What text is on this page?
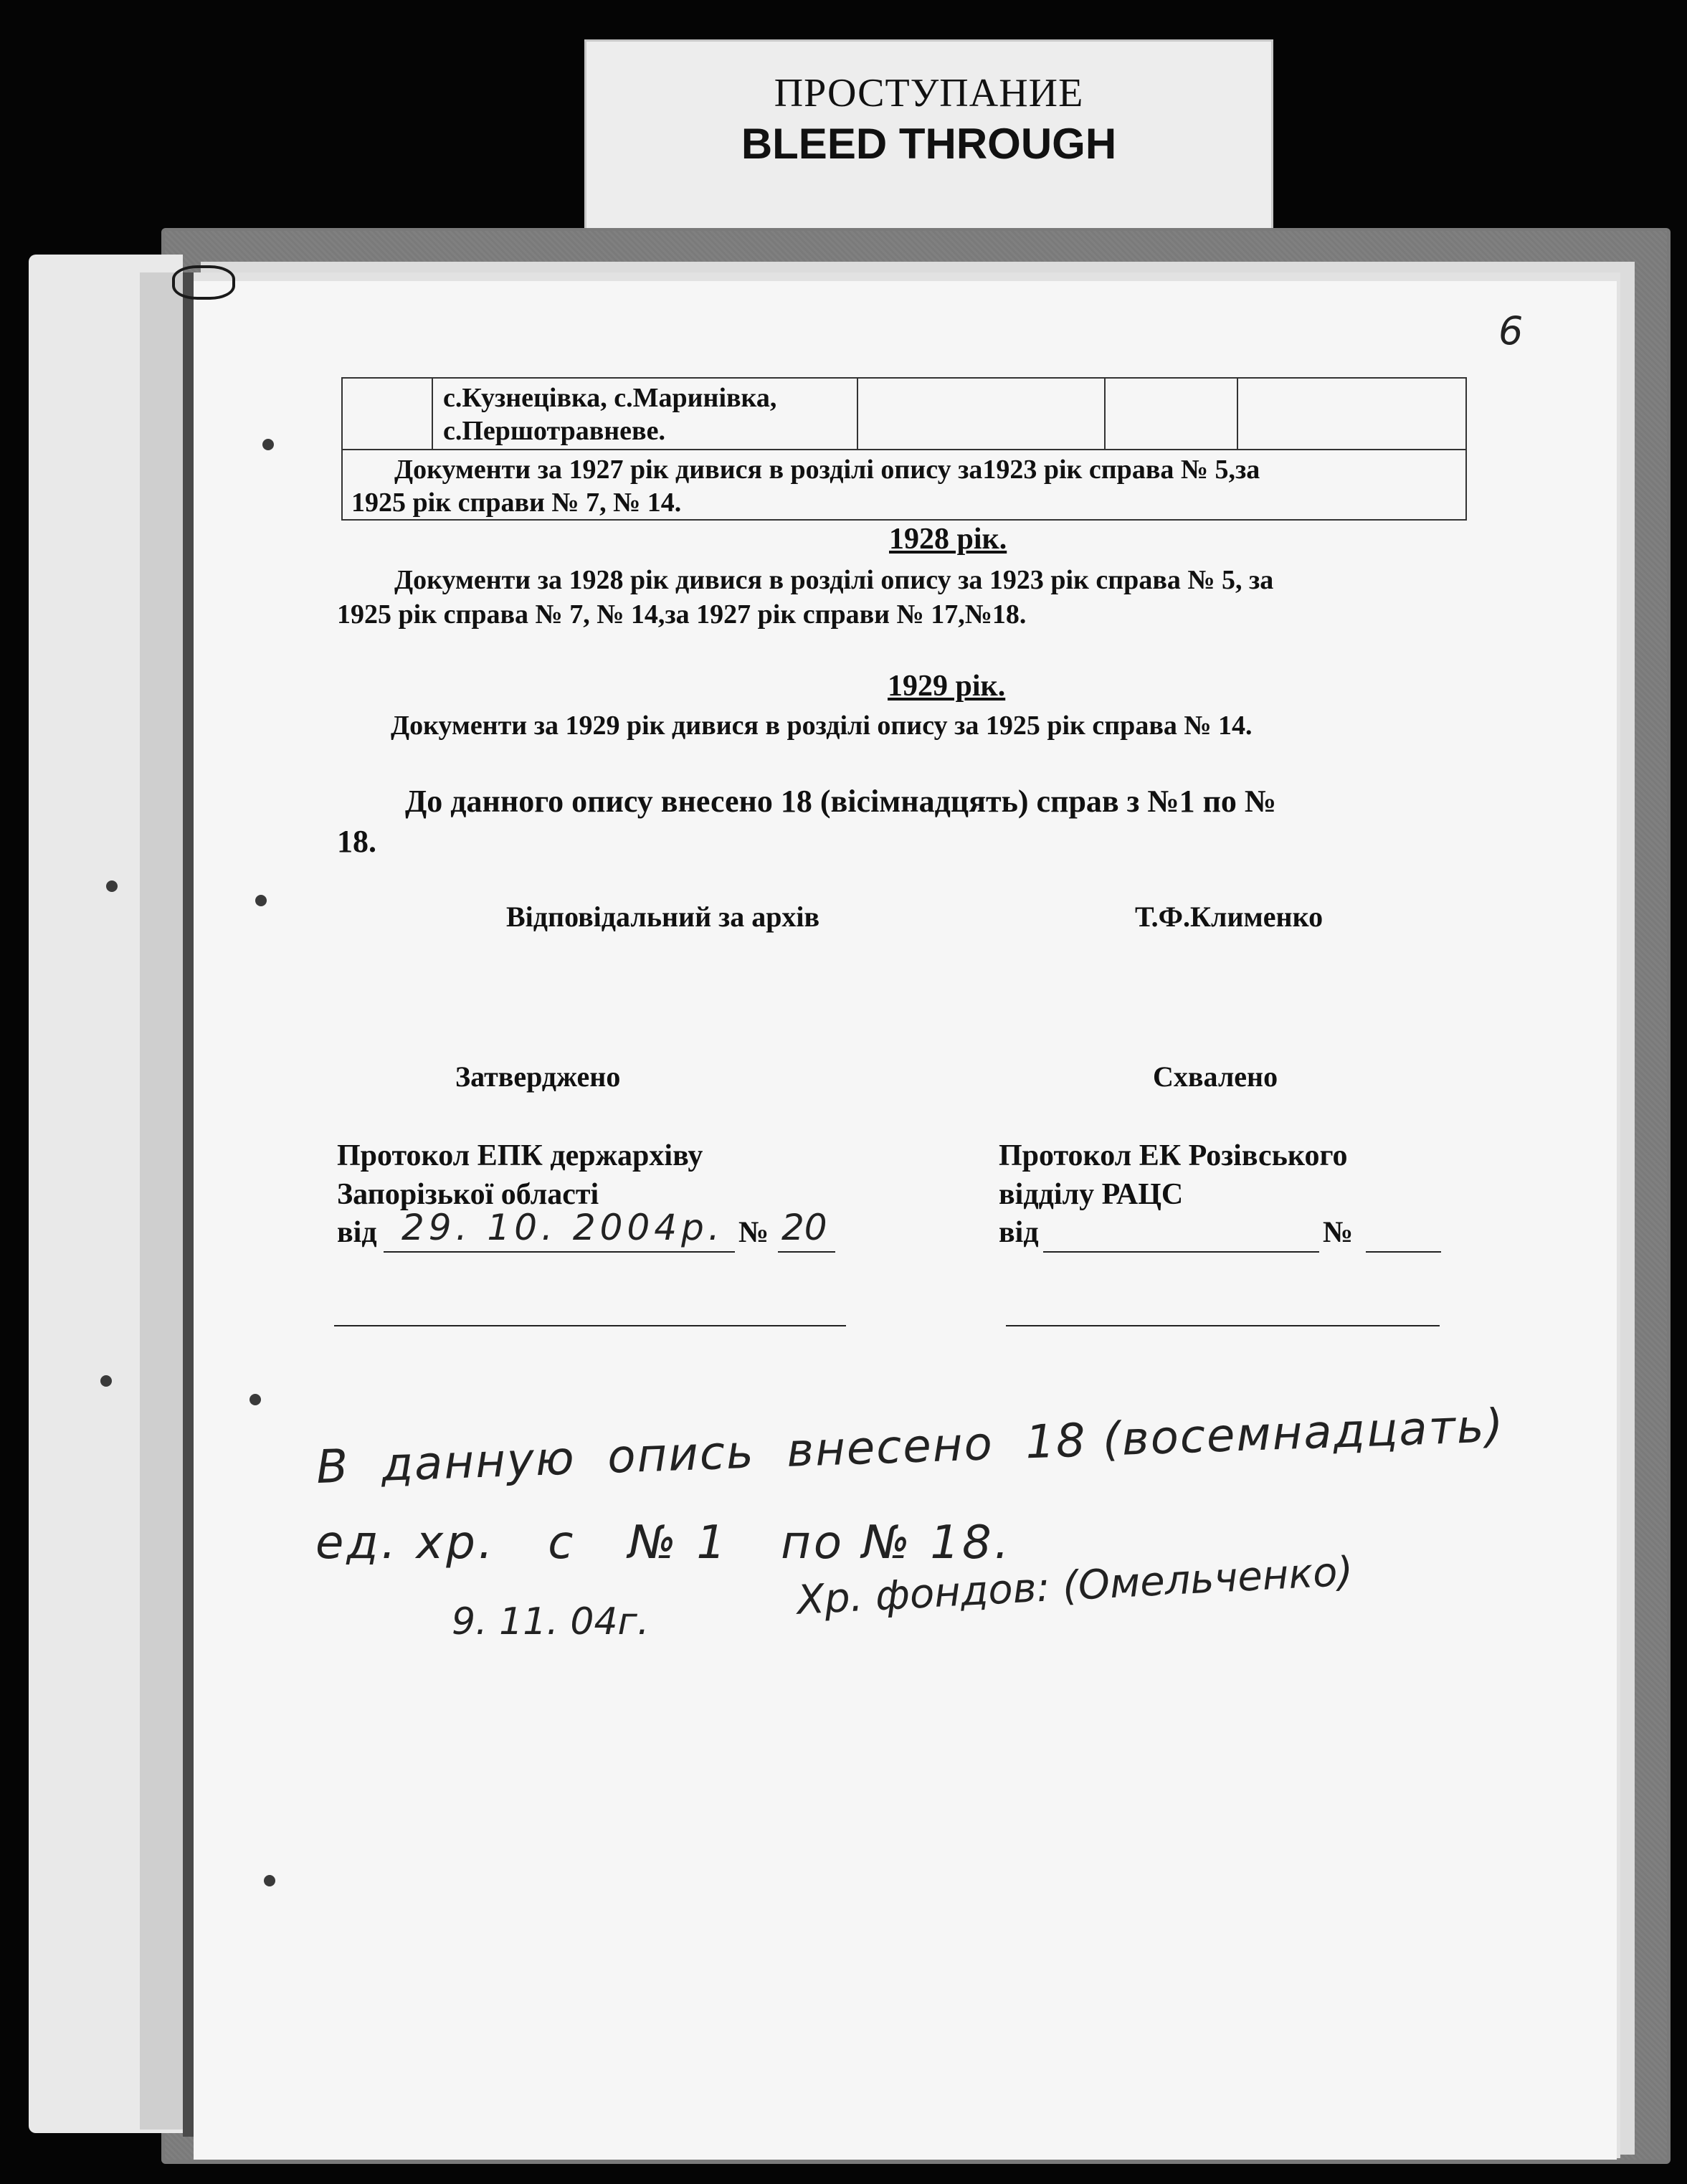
ПРОСТУПАНИЕ
BLEED THROUGH
6
с.Кузнецівка, с.Маринівка,
с.Першотравневе.
Документи за 1927 рік дивися в розділі опису за1923 рік справа № 5,за
1925 рік справи № 7, № 14.
1928 рік.
Документи за 1928 рік дивися в розділі опису за 1923 рік справа № 5, за
1925 рік справа № 7, № 14,за 1927 рік справи № 17,№18.
1929 рік.
Документи за 1929 рік дивися в розділі опису за 1925 рік справа № 14.
До данного опису внесено 18 (вісімнадцять) справ з №1 по №
18.
Відповідальний за архів	Т.Ф.Клименко
Затверджено
Протокол ЕПК держархіву
Запорізької області
від 29. 10. 2004р. № 20
Схвалено
Протокол ЕК Розівського
відділу РАЦС
від	№
В  данную  опись  внесено  18 (восемнадцать)
ед. хр.   с   № 1   по № 18.
9. 11. 04г.	Хр. фондов: (Омельченко)
